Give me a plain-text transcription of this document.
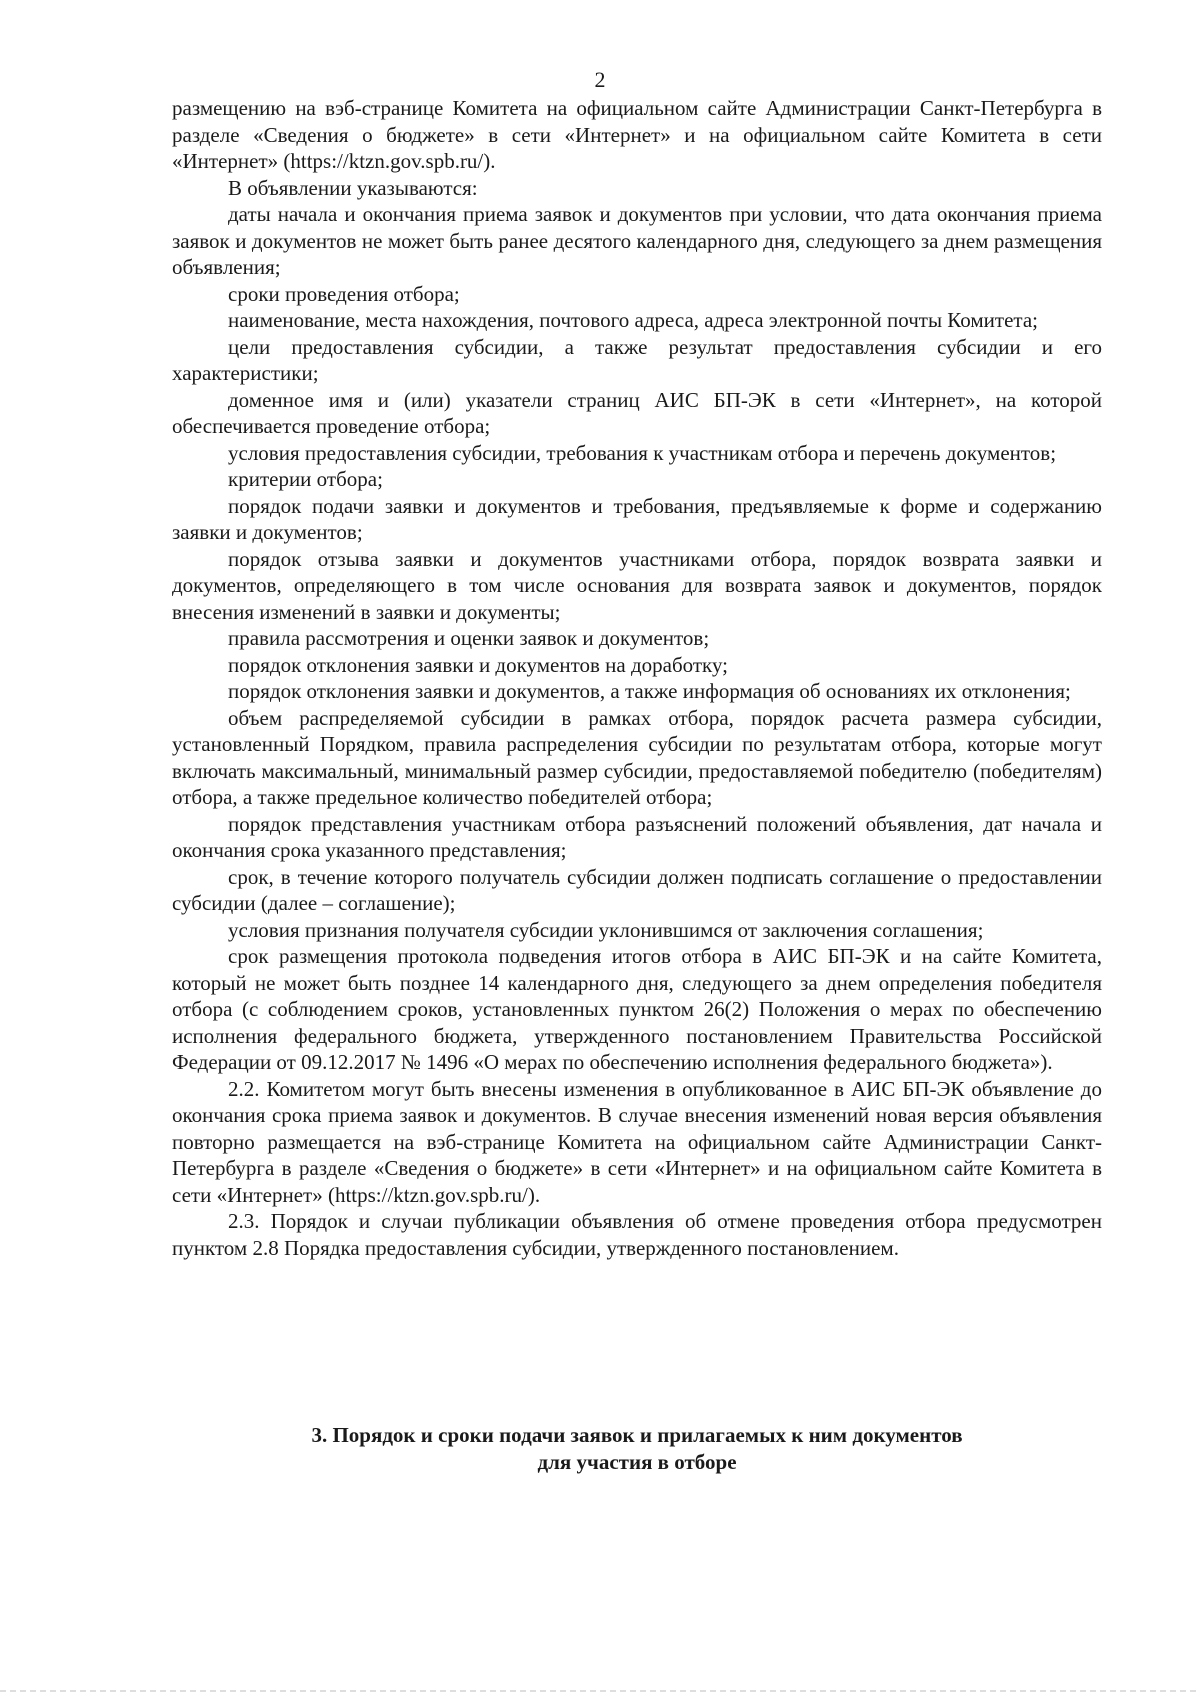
2

размещению на вэб-странице Комитета на официальном сайте Администрации Санкт-Петербурга в разделе «Сведения о бюджете» в сети «Интернет» и на официальном сайте Комитета в сети «Интернет» (https://ktzn.gov.spb.ru/).

В объявлении указываются:

даты начала и окончания приема заявок и документов при условии, что дата окончания приема заявок и документов не может быть ранее десятого календарного дня, следующего за днем размещения объявления;

сроки проведения отбора;

наименование, места нахождения, почтового адреса, адреса электронной почты Комитета;

цели предоставления субсидии, а также результат предоставления субсидии и его характеристики;

доменное имя и (или) указатели страниц АИС БП-ЭК в сети «Интернет», на которой обеспечивается проведение отбора;

условия предоставления субсидии, требования к участникам отбора и перечень документов;

критерии отбора;

порядок подачи заявки и документов и требования, предъявляемые к форме и содержанию заявки и документов;

порядок отзыва заявки и документов участниками отбора, порядок возврата заявки и документов, определяющего в том числе основания для возврата заявок и документов, порядок внесения изменений в заявки и документы;

правила рассмотрения и оценки заявок и документов;

порядок отклонения заявки и документов на доработку;

порядок отклонения заявки и документов, а также информация об основаниях их отклонения;

объем распределяемой субсидии в рамках отбора, порядок расчета размера субсидии, установленный Порядком, правила распределения субсидии по результатам отбора, которые могут включать максимальный, минимальный размер субсидии, предоставляемой победителю (победителям) отбора, а также предельное количество победителей отбора;

порядок представления участникам отбора разъяснений положений объявления, дат начала и окончания срока указанного представления;

срок, в течение которого получатель субсидии должен подписать соглашение о предоставлении субсидии (далее – соглашение);

условия признания получателя субсидии уклонившимся от заключения соглашения;

срок размещения протокола подведения итогов отбора в АИС БП-ЭК и на сайте Комитета, который не может быть позднее 14 календарного дня, следующего за днем определения победителя отбора (с соблюдением сроков, установленных пунктом 26(2) Положения о мерах по обеспечению исполнения федерального бюджета, утвержденного постановлением Правительства Российской Федерации от 09.12.2017 № 1496 «О мерах по обеспечению исполнения федерального бюджета»).

2.2. Комитетом могут быть внесены изменения в опубликованное в АИС БП-ЭК объявление до окончания срока приема заявок и документов. В случае внесения изменений новая версия объявления повторно размещается на вэб-странице Комитета на официальном сайте Администрации Санкт-Петербурга в разделе «Сведения о бюджете» в сети «Интернет» и на официальном сайте Комитета в сети «Интернет» (https://ktzn.gov.spb.ru/).

2.3. Порядок и случаи публикации объявления об отмене проведения отбора предусмотрен пунктом 2.8 Порядка предоставления субсидии, утвержденного постановлением.

3. Порядок и сроки подачи заявок и прилагаемых к ним документов
для участия в отборе
